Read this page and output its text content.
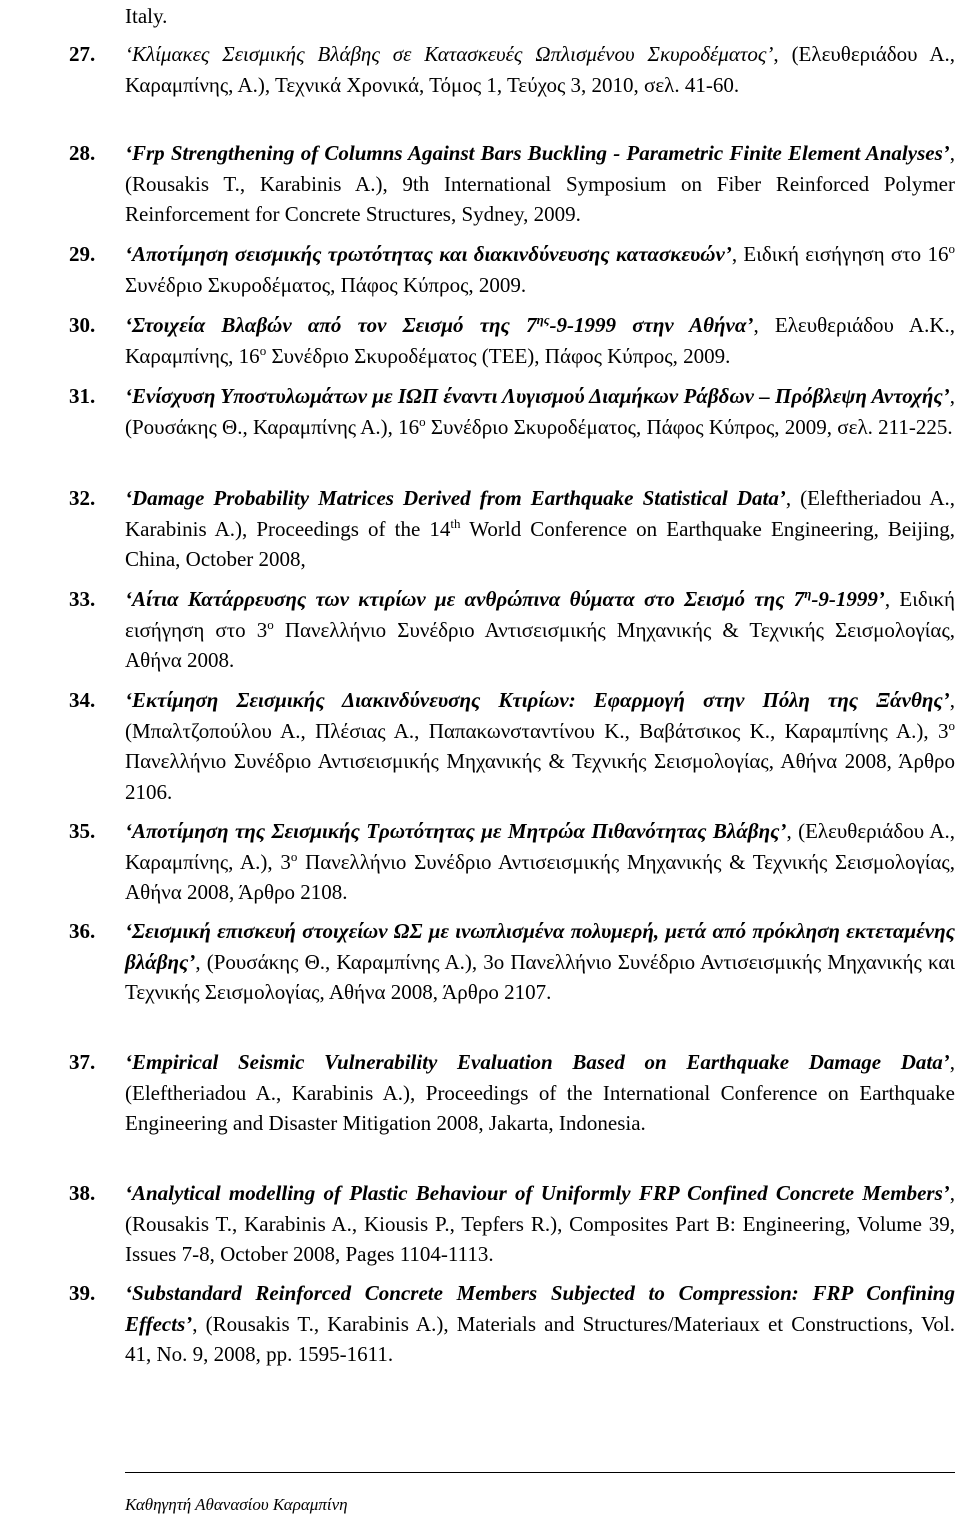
Italy.
27.	‘Κλίμακες Σεισμικής Βλάβης σε Κατασκευές Ωπλισμένου Σκυροδέματος’, (Ελευθεριάδου Α., Καραμπίνης, Α.), Τεχνικά Χρονικά, Τόμος 1, Τεύχος 3, 2010, σελ. 41-60.
28.	‘Frp Strengthening of Columns Against Bars Buckling - Parametric Finite Element Analyses’, (Rousakis T., Karabinis A.), 9th International Symposium on Fiber Reinforced Polymer Reinforcement for Concrete Structures, Sydney, 2009.
29.	‘Αποτίμηση σεισμικής τρωτότητας και διακινδύνευσης κατασκευών’, Ειδική εισήγηση στο $16^o$ Συνέδριο Σκυροδέματος, Πάφος Κύπρος, 2009.
30.	‘Στοιχεία Βλαβών από τον Σεισμό της $7^{\eta\varsigma}-9-1999$ στην Αθήνα’, Ελευθεριάδου Α.Κ., Καραμπίνης, $16^o$ Συνέδριο Σκυροδέματος (ΤΕΕ), Πάφος Κύπρος, 2009.
31.	‘Ενίσχυση Υποστυλωμάτων με ΙΩΠ έναντι Λυγισμού Διαμήκων Ράβδων – Πρόβλεψη Αντοχής’, (Ρουσάκης Θ., Καραμπίνης Α.), $16^o$ Συνέδριο Σκυροδέματος, Πάφος Κύπρος, 2009, σελ. 211-225.
32.	‘Damage Probability Matrices Derived from Earthquake Statistical Data’, (Eleftheriadou A., Karabinis A.), Proceedings of the 14th World Conference on Earthquake Engineering, Beijing, China, October 2008,
33.	‘Αίτια Κατάρρευσης των κτιρίων με ανθρώπινα θύματα στο Σεισμό της $7^\eta-9-1999$’, Ειδική εισήγηση στο $3^o$ Πανελλήνιο Συνέδριο Αντισεισμικής Μηχανικής & Τεχνικής Σεισμολογίας, Αθήνα 2008.
34.	‘Εκτίμηση Σεισμικής Διακινδύνευσης Κτιρίων: Εφαρμογή στην Πόλη της Ξάνθης’, (Μπαλτζοπούλου Α., Πλέσιας Α., Παπακωνσταντίνου Κ., Βαβάτσικος Κ., Καραμπίνης Α.), $3^o$ Πανελλήνιο Συνέδριο Αντισεισμικής Μηχανικής & Τεχνικής Σεισμολογίας, Αθήνα 2008, Άρθρο 2106.
35.	‘Αποτίμηση της Σεισμικής Τρωτότητας με Μητρώα Πιθανότητας Βλάβης’, (Ελευθεριάδου Α., Καραμπίνης, Α.), $3^o$ Πανελλήνιο Συνέδριο Αντισεισμικής Μηχανικής & Τεχνικής Σεισμολογίας, Αθήνα 2008, Άρθρο 2108.
36.	‘Σεισμική επισκευή στοιχείων ΩΣ με ινωπλισμένα πολυμερή, μετά από πρόκληση εκτεταμένης βλάβης’, (Ρουσάκης Θ., Καραμπίνης Α.), 3ο Πανελλήνιο Συνέδριο Αντισεισμικής Μηχανικής και Τεχνικής Σεισμολογίας, Αθήνα 2008, Άρθρο 2107.
37.	‘Empirical Seismic Vulnerability Evaluation Based on Earthquake Damage Data’, (Eleftheriadou A., Karabinis A.), Proceedings of the International Conference on Earthquake Engineering and Disaster Mitigation 2008, Jakarta, Indonesia.
38.	‘Analytical modelling of Plastic Behaviour of Uniformly FRP Confined Concrete Members’, (Rousakis T., Karabinis A., Kiousis P., Tepfers R.), Composites Part B: Engineering, Volume 39, Issues 7-8, October 2008, Pages 1104-1113.
39.	‘Substandard Reinforced Concrete Members Subjected to Compression: FRP Confining Effects’, (Rousakis T., Karabinis A.), Materials and Structures/Materiaux et Constructions, Vol. 41, No. 9, 2008, pp. 1595-1611.
Καθηγητή Αθανασίου Καραμπίνη
